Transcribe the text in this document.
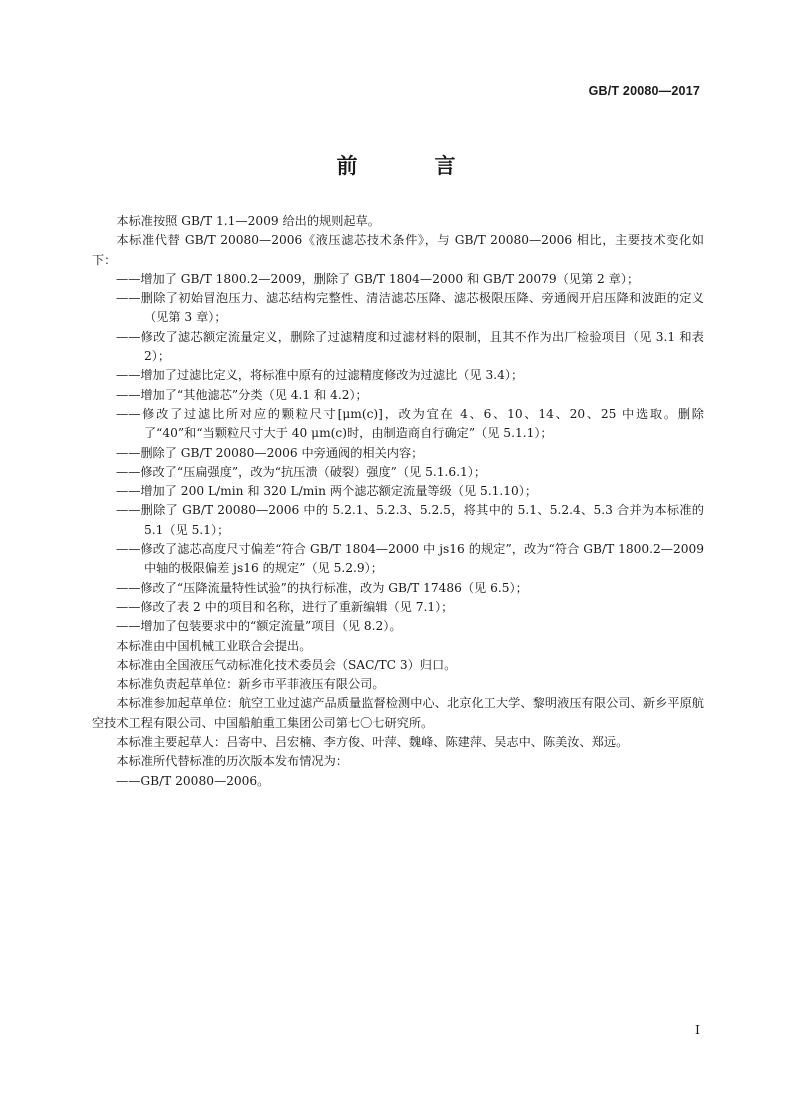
GB/T 20080—2017
前　言

本标准按照 GB/T 1.1—2009 给出的规则起草。

本标准代替 GB/T 20080—2006《液压滤芯技术条件》，与 GB/T 20080—2006 相比，主要技术变化如下：

——增加了 GB/T 1800.2—2009，删除了 GB/T 1804—2000 和 GB/T 20079（见第 2 章）；

——删除了初始冒泡压力、滤芯结构完整性、清洁滤芯压降、滤芯极限压降、旁通阀开启压降和波距的定义（见第 3 章）；

——修改了滤芯额定流量定义，删除了过滤精度和过滤材料的限制，且其不作为出厂检验项目（见 3.1 和表 2）；

——增加了过滤比定义，将标准中原有的过滤精度修改为过滤比（见 3.4）；

——增加了“其他滤芯”分类（见 4.1 和 4.2）；

——修改了过滤比所对应的颗粒尺寸[μm(c)]，改为宜在 4、6、10、14、20、25 中选取。删除了“40”和“当颗粒尺寸大于 40 μm(c)时，由制造商自行确定”（见 5.1.1）；

——删除了 GB/T 20080—2006 中旁通阀的相关内容；

——修改了“压扁强度”，改为“抗压溃（破裂）强度”（见 5.1.6.1）；

——增加了 200 L/min 和 320 L/min 两个滤芯额定流量等级（见 5.1.10）；

——删除了 GB/T 20080—2006 中的 5.2.1、5.2.3、5.2.5，将其中的 5.1、5.2.4、5.3 合并为本标准的 5.1（见 5.1）；

——修改了滤芯高度尺寸偏差“符合 GB/T 1804—2000 中 js16 的规定”，改为“符合 GB/T 1800.2—2009 中轴的极限偏差 js16 的规定”（见 5.2.9）；

——修改了“压降流量特性试验”的执行标准，改为 GB/T 17486（见 6.5）；

——修改了表 2 中的项目和名称，进行了重新编辑（见 7.1）；

——增加了包装要求中的“额定流量”项目（见 8.2）。

本标准由中国机械工业联合会提出。

本标准由全国液压气动标准化技术委员会（SAC/TC 3）归口。

本标准负责起草单位：新乡市平菲液压有限公司。

本标准参加起草单位：航空工业过滤产品质量监督检测中心、北京化工大学、黎明液压有限公司、新乡平原航空技术工程有限公司、中国船舶重工集团公司第七〇七研究所。

本标准主要起草人：吕寄中、吕宏楠、李方俊、叶萍、魏峰、陈建萍、吴志中、陈美汝、郑远。

本标准所代替标准的历次版本发布情况为：

——GB/T 20080—2006。

I
